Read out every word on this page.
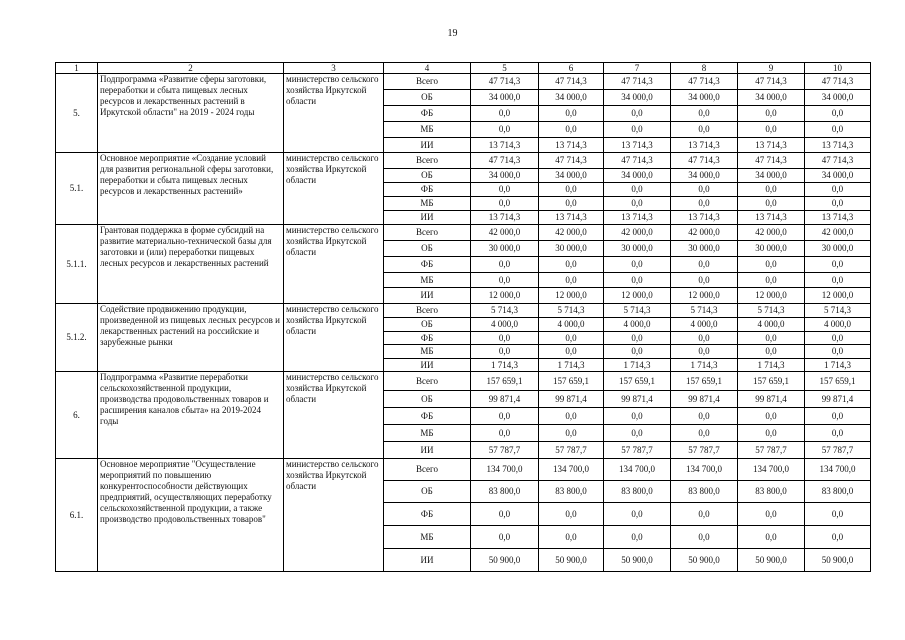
19
1	2	3	4	5	6	7	8	9	10
5.	Подпрограмма «Развитие сферы заготовки, переработки и сбыта пищевых лесных ресурсов и лекарственных растений в Иркутской области" на 2019 - 2024 годы	министерство сельского хозяйства Иркутской области	Всего	47 714,3	47 714,3	47 714,3	47 714,3	47 714,3	47 714,3
			ОБ	34 000,0	34 000,0	34 000,0	34 000,0	34 000,0	34 000,0
			ФБ	0,0	0,0	0,0	0,0	0,0	0,0
			МБ	0,0	0,0	0,0	0,0	0,0	0,0
			ИИ	13 714,3	13 714,3	13 714,3	13 714,3	13 714,3	13 714,3
5.1.	Основное мероприятие «Создание условий для развития региональной сферы заготовки, переработки и сбыта пищевых лесных ресурсов и лекарственных растений»	министерство сельского хозяйства Иркутской области	Всего	47 714,3	47 714,3	47 714,3	47 714,3	47 714,3	47 714,3
			ОБ	34 000,0	34 000,0	34 000,0	34 000,0	34 000,0	34 000,0
			ФБ	0,0	0,0	0,0	0,0	0,0	0,0
			МБ	0,0	0,0	0,0	0,0	0,0	0,0
			ИИ	13 714,3	13 714,3	13 714,3	13 714,3	13 714,3	13 714,3
5.1.1.	Грантовая поддержка в форме субсидий на развитие материально-технической базы для заготовки и (или) переработки пищевых лесных ресурсов и лекарственных растений	министерство сельского хозяйства Иркутской области	Всего	42 000,0	42 000,0	42 000,0	42 000,0	42 000,0	42 000,0
			ОБ	30 000,0	30 000,0	30 000,0	30 000,0	30 000,0	30 000,0
			ФБ	0,0	0,0	0,0	0,0	0,0	0,0
			МБ	0,0	0,0	0,0	0,0	0,0	0,0
			ИИ	12 000,0	12 000,0	12 000,0	12 000,0	12 000,0	12 000,0
5.1.2.	Содействие продвижению продукции, произведенной из пищевых лесных ресурсов и лекарственных растений на российские и зарубежные рынки	министерство сельского хозяйства Иркутской области	Всего	5 714,3	5 714,3	5 714,3	5 714,3	5 714,3	5 714,3
			ОБ	4 000,0	4 000,0	4 000,0	4 000,0	4 000,0	4 000,0
			ФБ	0,0	0,0	0,0	0,0	0,0	0,0
			МБ	0,0	0,0	0,0	0,0	0,0	0,0
			ИИ	1 714,3	1 714,3	1 714,3	1 714,3	1 714,3	1 714,3
6.	Подпрограмма «Развитие переработки сельскохозяйственной продукции, производства продовольственных товаров и расширения каналов сбыта» на 2019-2024 годы	министерство сельского хозяйства Иркутской области	Всего	157 659,1	157 659,1	157 659,1	157 659,1	157 659,1	157 659,1
			ОБ	99 871,4	99 871,4	99 871,4	99 871,4	99 871,4	99 871,4
			ФБ	0,0	0,0	0,0	0,0	0,0	0,0
			МБ	0,0	0,0	0,0	0,0	0,0	0,0
			ИИ	57 787,7	57 787,7	57 787,7	57 787,7	57 787,7	57 787,7
6.1.	Основное мероприятие "Осуществление мероприятий по повышению конкурентоспособности действующих предприятий, осуществляющих переработку сельскохозяйственной продукции, а также производство продовольственных товаров"	министерство сельского хозяйства Иркутской области	Всего	134 700,0	134 700,0	134 700,0	134 700,0	134 700,0	134 700,0
			ОБ	83 800,0	83 800,0	83 800,0	83 800,0	83 800,0	83 800,0
			ФБ	0,0	0,0	0,0	0,0	0,0	0,0
			МБ	0,0	0,0	0,0	0,0	0,0	0,0
			ИИ	50 900,0	50 900,0	50 900,0	50 900,0	50 900,0	50 900,0
